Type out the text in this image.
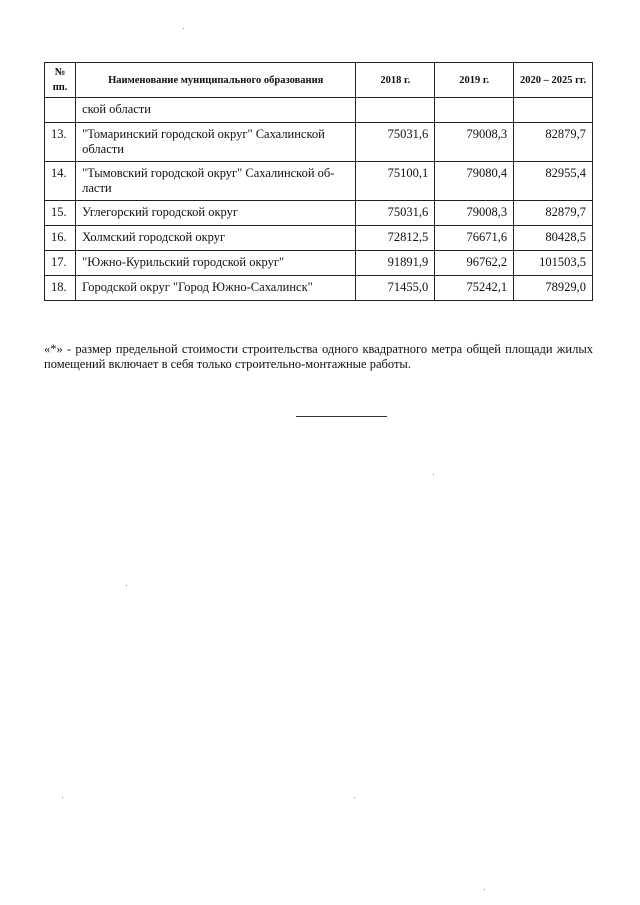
№ пп.	Наименование муниципального образования	2018 г.	2019 г.	2020 – 2025 гг.
	ской области			
13.	"Томаринский городской округ" Сахалинской области	75031,6	79008,3	82879,7
14.	"Тымовский городской округ" Сахалинской об-ласти	75100,1	79080,4	82955,4
15.	Углегорский городской округ	75031,6	79008,3	82879,7
16.	Холмский городской округ	72812,5	76671,6	80428,5
17.	"Южно-Курильский городской округ"	91891,9	96762,2	101503,5
18.	Городской округ "Город Южно-Сахалинск"	71455,0	75242,1	78929,0

«*» - размер предельной стоимости строительства одного квадратного метра общей площади жилых помещений включает в себя только строительно-монтажные работы.
